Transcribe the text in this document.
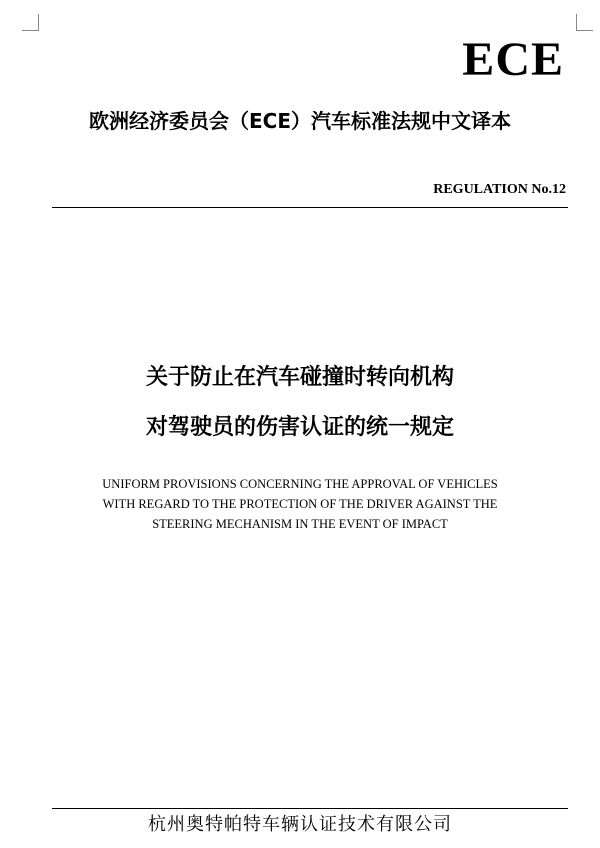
ECE
欧洲经济委员会（ECE）汽车标准法规中文译本
REGULATION No.12
关于防止在汽车碰撞时转向机构
对驾驶员的伤害认证的统一规定
UNIFORM PROVISIONS CONCERNING THE APPROVAL OF VEHICLES
WITH REGARD TO THE PROTECTION OF THE DRIVER AGAINST THE
STEERING MECHANISM IN THE EVENT OF IMPACT
杭州奥特帕特车辆认证技术有限公司
